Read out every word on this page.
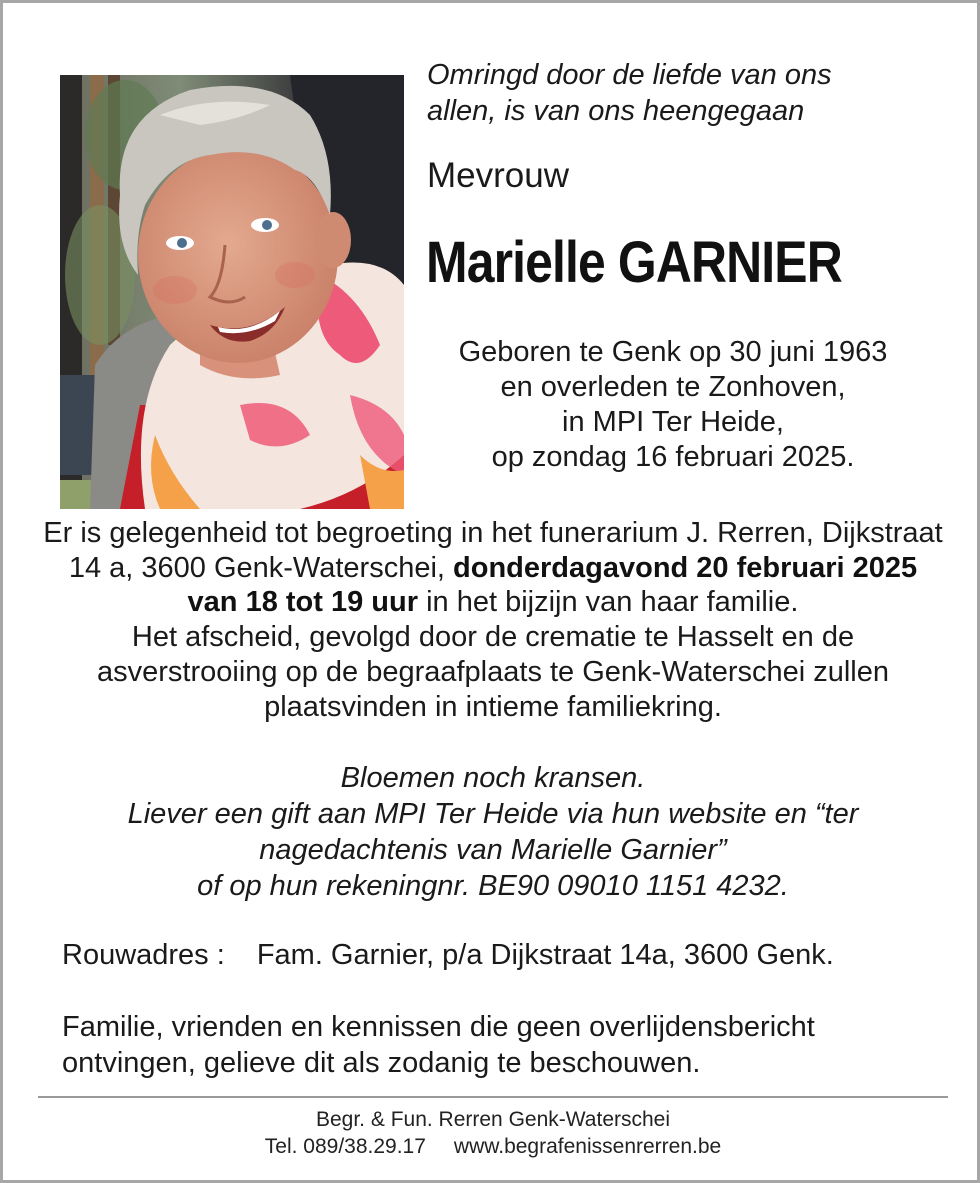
Omringd door de liefde van ons
allen, is van ons heengegaan
Mevrouw
Marielle GARNIER
Geboren te Genk op 30 juni 1963
en overleden te Zonhoven,
in MPI Ter Heide,
op zondag 16 februari 2025.
Er is gelegenheid tot begroeting in het funerarium J. Rerren, Dijkstraat 14 a, 3600 Genk-Waterschei, donderdagavond 20 februari 2025 van 18 tot 19 uur in het bijzijn van haar familie.
Het afscheid, gevolgd door de crematie te Hasselt en de asverstrooiing op de begraafplaats te Genk-Waterschei zullen plaatsvinden in intieme familiekring.
Bloemen noch kransen.
Liever een gift aan MPI Ter Heide via hun website en “ter
nagedachtenis van Marielle Garnier”
of op hun rekeningnr. BE90 09010 1151 4232.
Rouwadres : Fam. Garnier, p/a Dijkstraat 14a, 3600 Genk.
Familie, vrienden en kennissen die geen overlijdensbericht
ontvingen, gelieve dit als zodanig te beschouwen.
Begr. & Fun. Rerren Genk-Waterschei
Tel. 089/38.29.17 www.begrafenissenrerren.be
